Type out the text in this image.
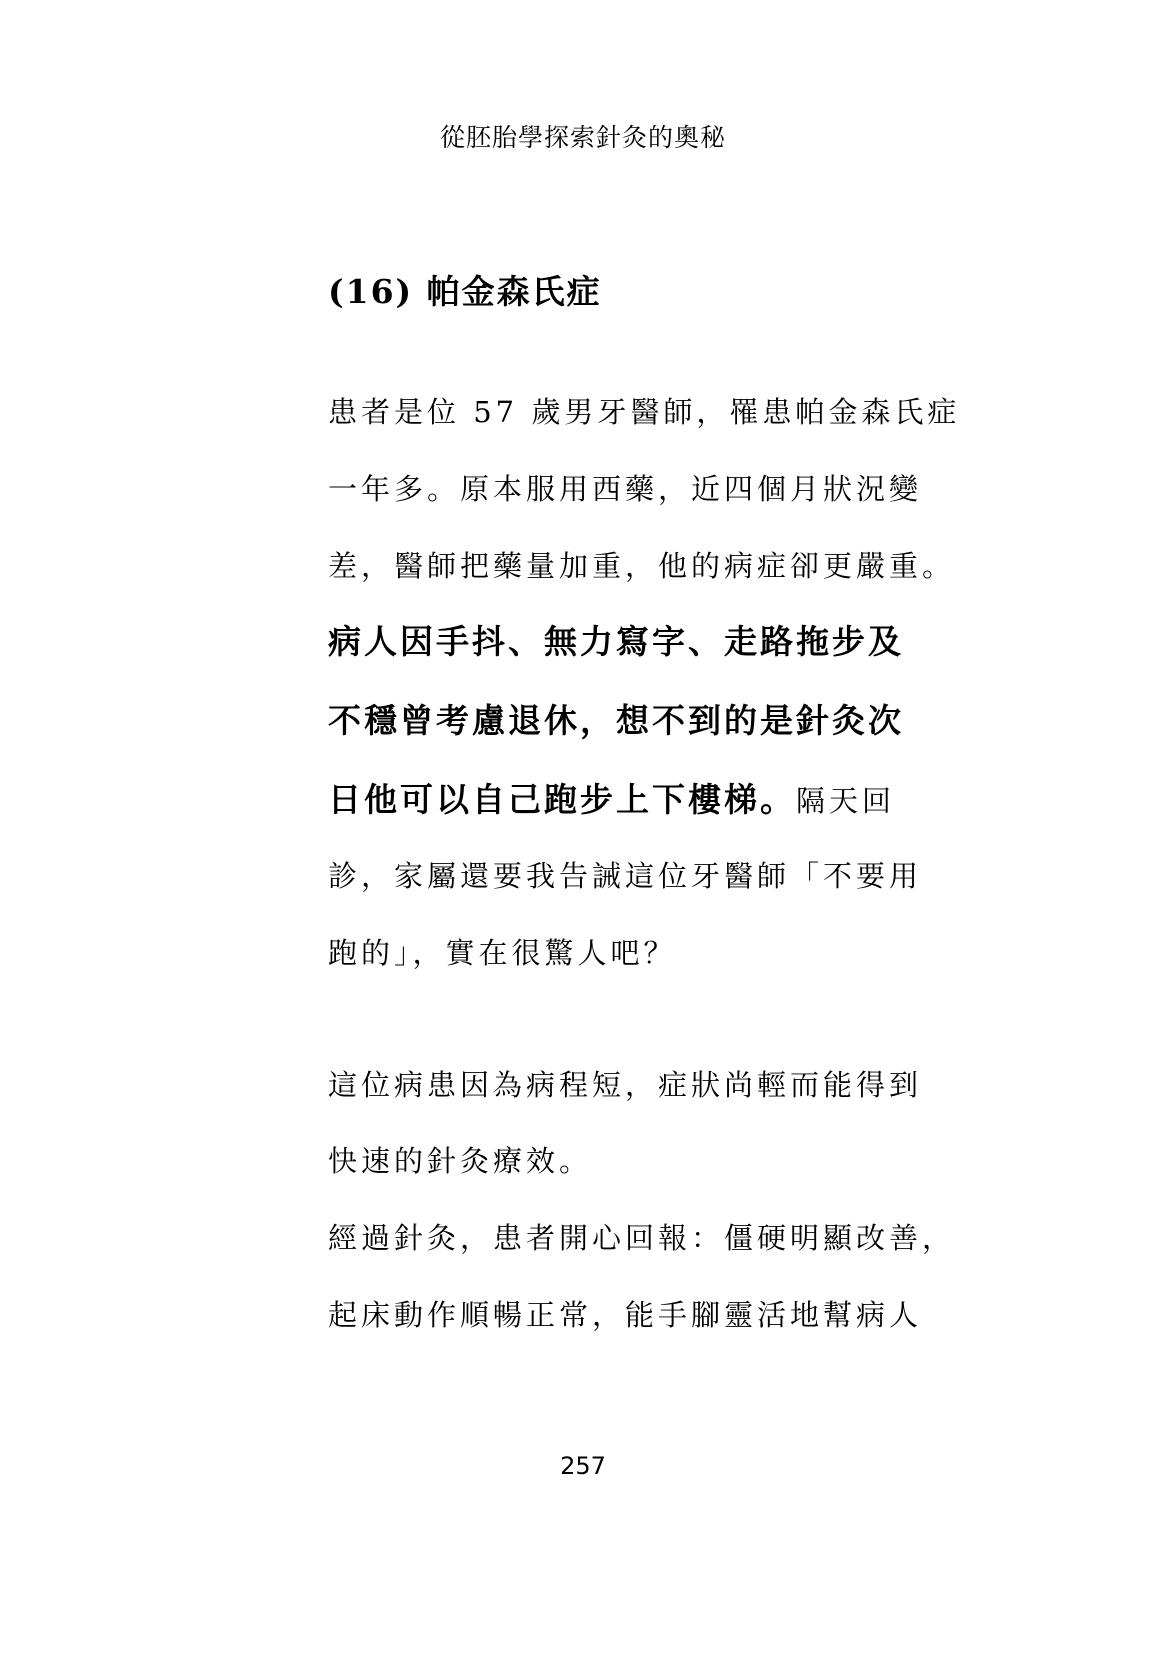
從胚胎學探索針灸的奧秘
(16) 帕金森氏症
患者是位 57 歲男牙醫師，罹患帕金森氏症
一年多。原本服用西藥，近四個月狀況變
差，醫師把藥量加重，他的病症卻更嚴重。
病人因手抖、無力寫字、走路拖步及
不穩曾考慮退休，想不到的是針灸次
日他可以自己跑步上下樓梯。隔天回
診，家屬還要我告誡這位牙醫師「不要用
跑的」，實在很驚人吧？
這位病患因為病程短，症狀尚輕而能得到
快速的針灸療效。
經過針灸，患者開心回報：僵硬明顯改善，
起床動作順暢正常，能手腳靈活地幫病人
257
